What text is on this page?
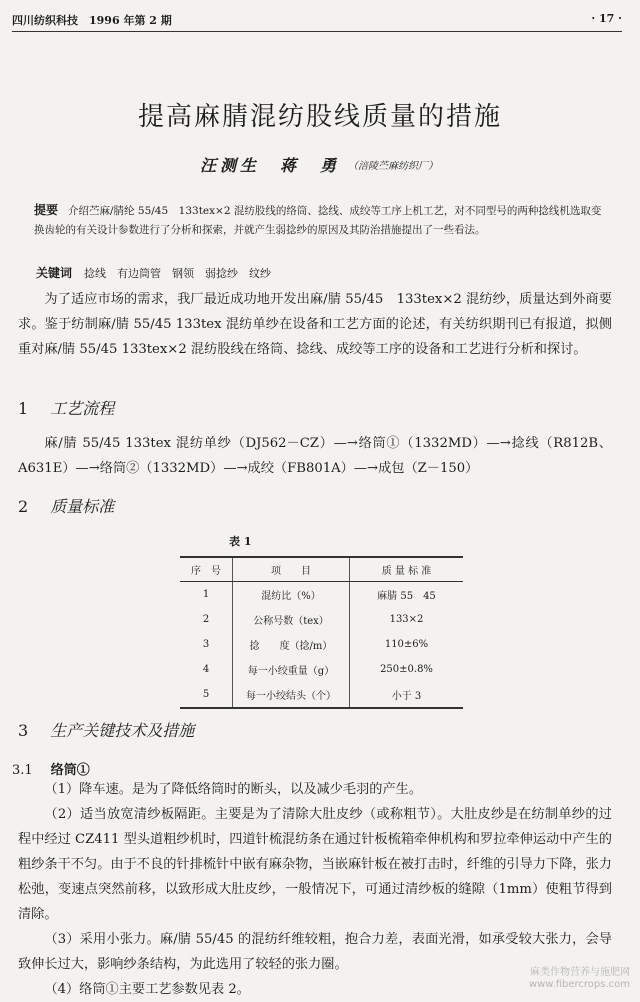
四川纺织科技　1996 年第 2 期	· 17 ·
提高麻腈混纺股线质量的措施
汪测生　蒋　勇 （涪陵苎麻纺织厂）
提要 介绍苎麻/腈纶 55/45　133tex×2 混纺股线的络筒、捻线、成绞等工序上机工艺，对不同型号的两种捻线机选取变换齿轮的有关设计参数进行了分析和探索，并就产生弱捻纱的原因及其防治措施提出了一些看法。
关键词 捻线　有边筒管　钢领　弱捻纱　纹纱
为了适应市场的需求，我厂最近成功地开发出麻/腈 55/45　133tex×2 混纺纱，质量达到外商要求。鉴于纺制麻/腈 55/45 133tex 混纺单纱在设备和工艺方面的论述，有关纺织期刊已有报道，拟侧重对麻/腈 55/45 133tex×2 混纺股线在络筒、捻线、成绞等工序的设备和工艺进行分析和探讨。
1 工艺流程
麻/腈 55/45 133tex 混纺单纱（DJ562－CZ）—→络筒①（1332MD）—→捻线（R812B、A631E）—→络筒②（1332MD）—→成绞（FB801A）—→成包（Z－150）
2 质量标准
表 1
序　号	项　　目	质 量 标 准
1	混纺比（%）	麻腈 55　45
2	公称号数（tex）	133×2
3	捻　　度（捻/m）	110±6%
4	每一小绞重量（g）	250±0.8%
5	每一小绞结头（个）	小于 3
3 生产关键技术及措施
3.1 络筒①

（1）降车速。是为了降低络筒时的断头，以及减少毛羽的产生。

（2）适当放宽清纱板隔距。主要是为了清除大肚皮纱（或称粗节）。大肚皮纱是在纺制单纱的过程中经过 CZ411 型头道粗纱机时，四道针梳混纺条在通过针板梳箱牵伸机构和罗拉牵伸运动中产生的粗纱条干不匀。由于不良的针排梳针中嵌有麻杂物，当嵌麻针板在被打击时，纤维的引导力下降，张力松弛，变速点突然前移，以致形成大肚皮纱，一般情况下，可通过清纱板的缝隙（1mm）使粗节得到清除。

（3）采用小张力。麻/腈 55/45 的混纺纤维较粗，抱合力差，表面光滑，如承受较大张力，会导致伸长过大，影响纱条结构，为此选用了较轻的张力圈。

（4）络筒①主要工艺参数见表 2。

麻类作物营养与施肥网
www.fibercrops.com
